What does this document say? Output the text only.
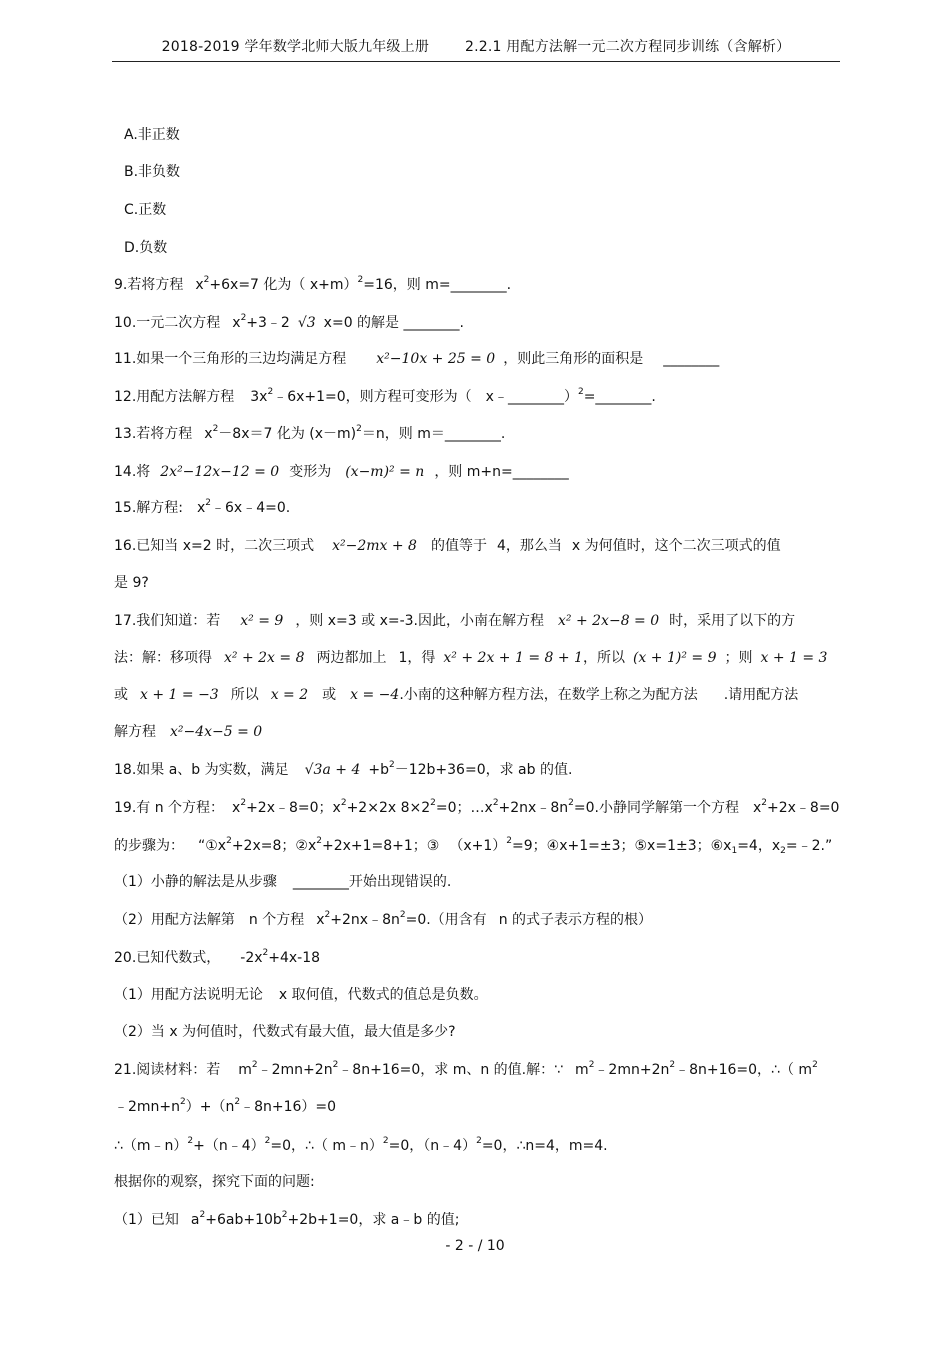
2018-2019 学年数学北师大版九年级上册	2.2.1 用配方法解一元二次方程同步训练（含解析）
A.非正数
B.非负数
C.正数
D.负数
9.若将方程 $x^2+6x=7$ 化为（ x+m）$^2$=16，则 m=________.
10.一元二次方程 $x^2+3﹣2$ √3 x=0 的解是 ________.
11.如果一个三角形的三边均满足方程 x²−10x + 25 = 0 ，则此三角形的面积是 ________
12.用配方法解方程 $3x^2﹣6x+1=0$，则方程可变形为（ x﹣________）$^2$=________.
13.若将方程 $x^2-8x=7$ 化为 $(x-m)^2=n$，则 m＝________.
14.将 2x²−12x−12 = 0 变形为 (x−m)² = n ，则 m+n=________
15.解方程: $x^2﹣6x﹣4=0$.
16.已知当 x=2 时，二次三项式 x²−2mx + 8 的值等于 4，那么当 x 为何值时，这个二次三项式的值
是 9?
17.我们知道：若 x² = 9 ，则 x=3 或 x=-3.因此，小南在解方程 x² + 2x−8 = 0 时，采用了以下的方
法：解：移项得 x² + 2x = 8 两边都加上 1，得 x² + 2x + 1 = 8 + 1，所以 (x + 1)² = 9 ；则 x + 1 = 3
或 x + 1 = −3 所以 x = 2 或 x = −4.小南的这种解方程方法，在数学上称之为配方法 .请用配方法
解方程 x²−4x−5 = 0
18.如果 a、b 为实数，满足 $√3a + 4 +b^2-12b+36=0$，求 ab 的值.
19.有 n 个方程： $x^2+2x﹣8=0$；$x^2+2\times 2x$ $8\times 2^2=0$；$\dots x^2+2nx﹣8n^2=0$.小静同学解第一个方程 $x^2+2x﹣8=0$
的步骤为： “$①x^2+2x=8$；$②x^2+2x+1=8+1$；③ $(x+1)^2=9$；④x+1=±3；⑤x=1±3；$⑥x_1=4$，$x_2=﹣2$.”
（1）小静的解法是从步骤 ________开始出现错误的.
（2）用配方法解第 n 个方程 $x^2+2nx﹣8n^2=0$.（用含有 n 的式子表示方程的根）
20.已知代数式， $-2x^2+4x-18$
（1）用配方法说明无论 x 取何值，代数式的值总是负数。
（2）当 x 为何值时，代数式有最大值，最大值是多少?
21.阅读材料：若 $m^2﹣2mn+2n^2﹣8n+16=0$，求 m、n 的值.解：∵ $m^2﹣2mn+2n^2﹣8n+16=0$，∴（ $m^2$
$﹣2mn+n^2)+(n^2﹣8n+16)=0$
∴（m﹣n）$^2$+（n﹣4）$^2$=0，∴（ m﹣n）$^2$=0，（n﹣4）$^2$=0，∴n=4，m=4.
根据你的观察，探究下面的问题:
（1）已知 $a^2+6ab+10b^2+2b+1=0$，求 a﹣b 的值;
- 2 - / 10
